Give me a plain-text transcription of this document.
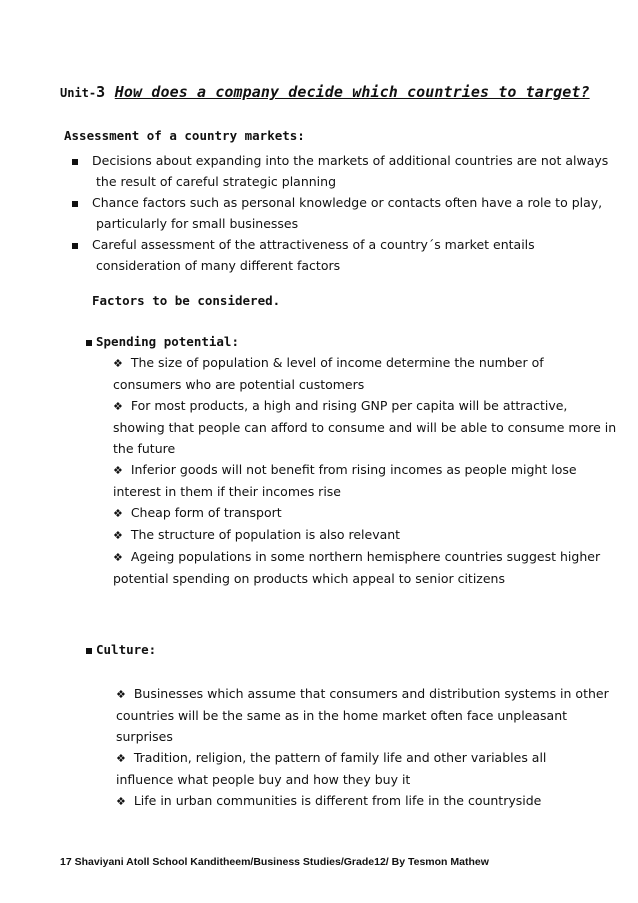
Unit-3 How does a company decide which countries to target?
Assessment of a country markets:
Decisions about expanding into the markets of additional countries are not always
the result of careful strategic planning
Chance factors such as personal knowledge or contacts often have a role to play,
particularly for small businesses
Careful assessment of the attractiveness of a country´s market entails
consideration of many different factors
Factors to be considered.
Spending potential:
❖ The size of population & level of income determine the number of
consumers who are potential customers
❖ For most products, a high and rising GNP per capita will be attractive,
showing that people can afford to consume and will be able to consume more in
the future
❖ Inferior goods will not benefit from rising incomes as people might lose
interest in them if their incomes rise
❖ Cheap form of transport
❖ The structure of population is also relevant
❖ Ageing populations in some northern hemisphere countries suggest higher
potential spending on products which appeal to senior citizens
Culture:
❖ Businesses which assume that consumers and distribution systems in other
countries will be the same as in the home market often face unpleasant
surprises
❖ Tradition, religion, the pattern of family life and other variables all
influence what people buy and how they buy it
❖ Life in urban communities is different from life in the countryside
17 Shaviyani Atoll School Kanditheem/Business Studies/Grade12/ By Tesmon Mathew
